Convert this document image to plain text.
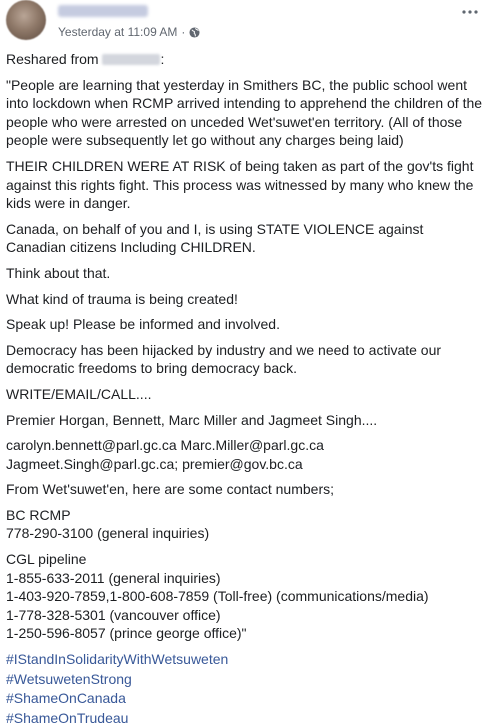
Yesterday at 11:09 AM ·

Reshared from	:

"People are learning that yesterday in Smithers BC, the public school went into lockdown when RCMP arrived intending to apprehend the children of the people who were arrested on unceded Wet'suwet'en territory. (All of those people were subsequently let go without any charges being laid)

THEIR CHILDREN WERE AT RISK of being taken as part of the gov'ts fight against this rights fight. This process was witnessed by many who knew the kids were in danger.

Canada, on behalf of you and I, is using STATE VIOLENCE against Canadian citizens Including CHILDREN.

Think about that.

What kind of trauma is being created!

Speak up! Please be informed and involved.

Democracy has been hijacked by industry and we need to activate our democratic freedoms to bring democracy back.

WRITE/EMAIL/CALL....

Premier Horgan, Bennett, Marc Miller and Jagmeet Singh....

carolyn.bennett@parl.gc.ca Marc.Miller@parl.gc.ca
Jagmeet.Singh@parl.gc.ca; premier@gov.bc.ca

From Wet'suwet'en, here are some contact numbers;

BC RCMP
778-290-3100 (general inquiries)

CGL pipeline
1-855-633-2011 (general inquiries)
1-403-920-7859,1-800-608-7859 (Toll-free) (communications/media)
1-778-328-5301 (vancouver office)
1-250-596-8057 (prince george office)"

#IStandInSolidarityWithWetsuweten
#WetsuwetenStrong
#ShameOnCanada
#ShameOnTrudeau
